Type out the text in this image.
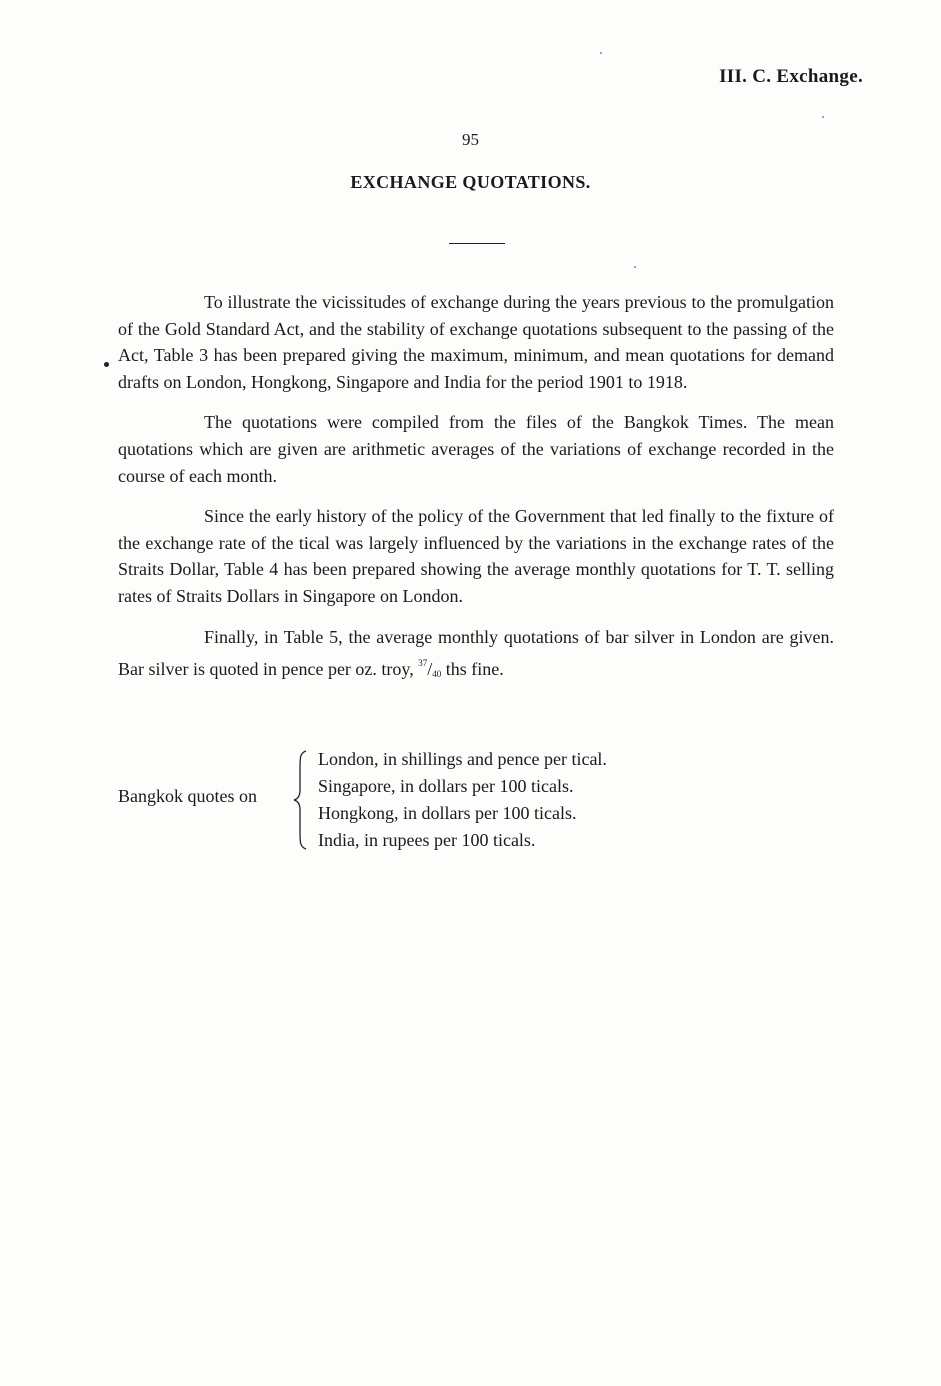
III. C. Exchange.
95
EXCHANGE QUOTATIONS.

To illustrate the vicissitudes of exchange during the years previous to the promulgation of the Gold Standard Act, and the stability of exchange quotations subsequent to the passing of the Act, Table 3 has been prepared giving the maximum, minimum, and mean quotations for demand drafts on London, Hongkong, Singapore and India for the period 1901 to 1918.

The quotations were compiled from the files of the Bangkok Times. The mean quotations which are given are arithmetic averages of the variations of exchange recorded in the course of each month.

Since the early history of the policy of the Government that led finally to the fixture of the exchange rate of the tical was largely influenced by the variations in the exchange rates of the Straits Dollar, Table 4 has been prepared showing the average monthly quotations for T. T. selling rates of Straits Dollars in Singapore on London.

Finally, in Table 5, the average monthly quotations of bar silver in London are given. Bar silver is quoted in pence per oz. troy, $^{37}/_{40}$ ths fine.

Bangkok quotes on
London, in shillings and pence per tical.
Singapore, in dollars per 100 ticals.
Hongkong, in dollars per 100 ticals.
India, in rupees per 100 ticals.
